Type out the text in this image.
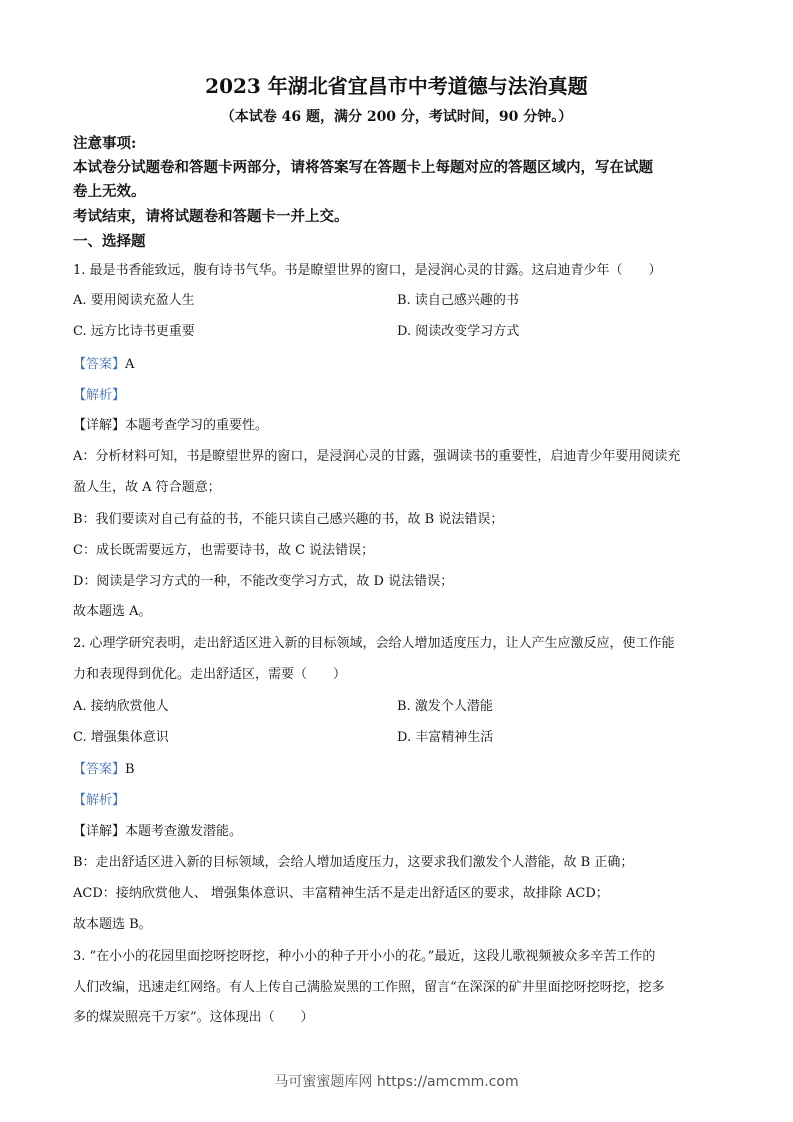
2023 年湖北省宜昌市中考道德与法治真题
（本试卷 46 题，满分 200 分，考试时间，90 分钟。）
注意事项:
本试卷分试题卷和答题卡两部分，请将答案写在答题卡上每题对应的答题区域内，写在试题
卷上无效。
考试结束，请将试题卷和答题卡一并上交。
一、选择题
1. 最是书香能致远，腹有诗书气华。书是瞭望世界的窗口，是浸润心灵的甘露。这启迪青少年（　　）
A. 要用阅读充盈人生	B. 读自己感兴趣的书
C. 远方比诗书更重要	D. 阅读改变学习方式
【答案】A
【解析】
【详解】本题考查学习的重要性。
A：分析材料可知，书是瞭望世界的窗口，是浸润心灵的甘露，强调读书的重要性，启迪青少年要用阅读充
盈人生，故 A 符合题意；
B：我们要读对自己有益的书，不能只读自己感兴趣的书，故 B 说法错误；
C：成长既需要远方，也需要诗书，故 C 说法错误；
D：阅读是学习方式的一种，不能改变学习方式，故 D 说法错误；
故本题选 A。
2. 心理学研究表明，走出舒适区进入新的目标领域，会给人增加适度压力，让人产生应激反应，使工作能
力和表现得到优化。走出舒适区，需要（　　）
A. 接纳欣赏他人	B. 激发个人潜能
C. 增强集体意识	D. 丰富精神生活
【答案】B
【解析】
【详解】本题考查激发潜能。
B：走出舒适区进入新的目标领域，会给人增加适度压力，这要求我们激发个人潜能，故 B 正确；
ACD：接纳欣赏他人、 增强集体意识、丰富精神生活不是走出舒适区的要求，故排除 ACD；
故本题选 B。
3. “在小小的花园里面挖呀挖呀挖，种小小的种子开小小的花。”最近，这段儿歌视频被众多辛苦工作的
人们改编，迅速走红网络。有人上传自己满脸炭黑的工作照，留言“在深深的矿井里面挖呀挖呀挖，挖多
多的煤炭照亮千万家”。这体现出（　　）
马可蜜蜜题库网 https://amcmm.com
